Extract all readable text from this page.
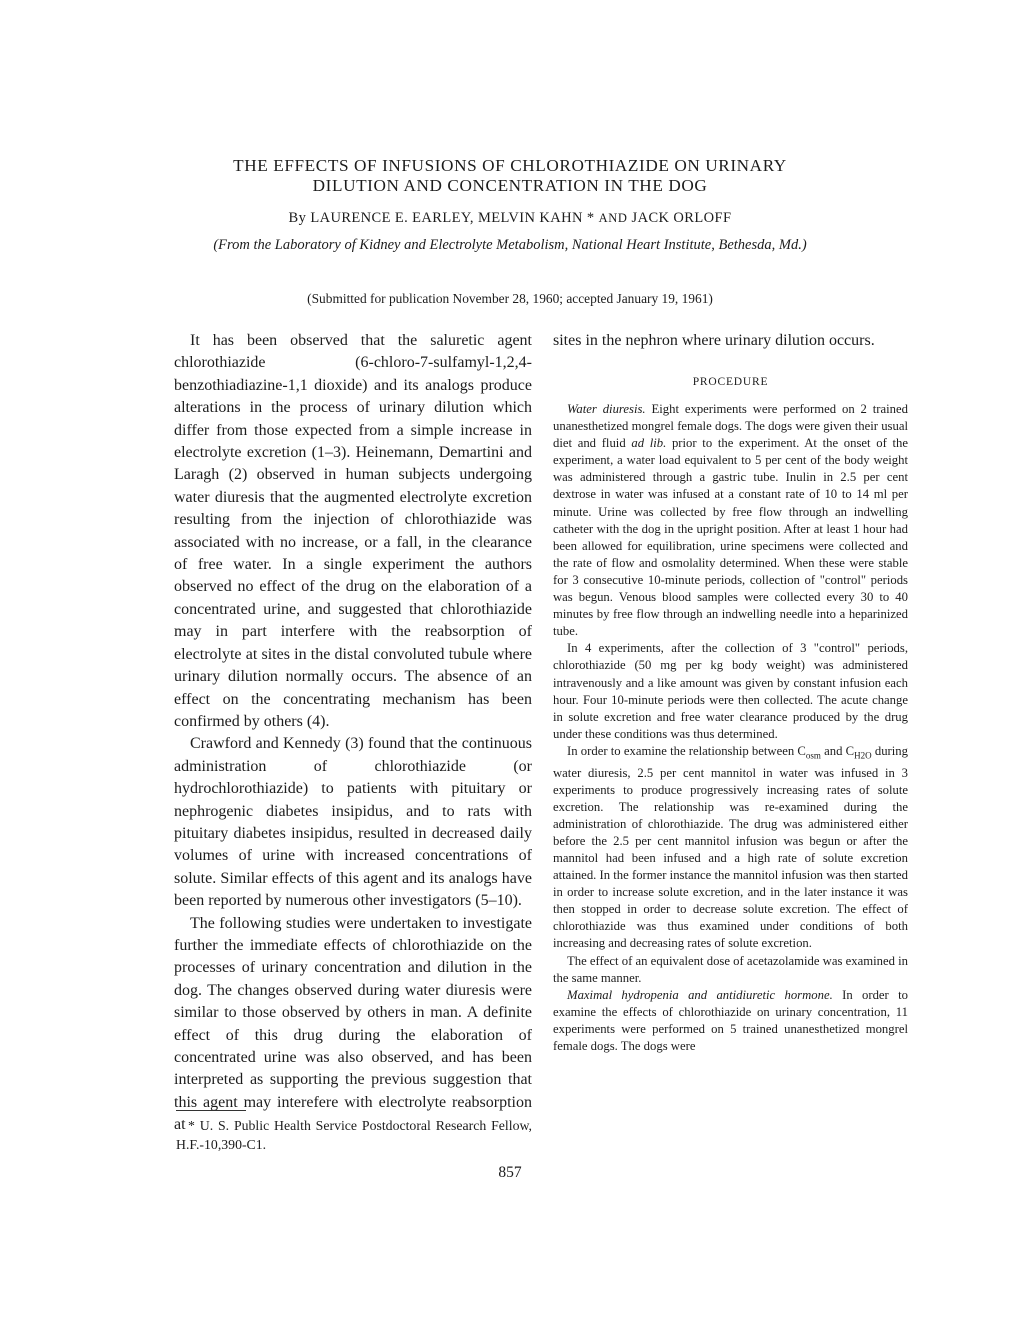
THE EFFECTS OF INFUSIONS OF CHLOROTHIAZIDE ON URINARY
DILUTION AND CONCENTRATION IN THE DOG
By LAURENCE E. EARLEY, MELVIN KAHN * AND JACK ORLOFF
(From the Laboratory of Kidney and Electrolyte Metabolism, National Heart Institute, Bethesda, Md.)
(Submitted for publication November 28, 1960; accepted January 19, 1961)

It has been observed that the saluretic agent chlorothiazide (6-chloro-7-sulfamyl-1,2,4-benzothiadiazine-1,1 dioxide) and its analogs produce alterations in the process of urinary dilution which differ from those expected from a simple increase in electrolyte excretion (1–3). Heinemann, Demartini and Laragh (2) observed in human subjects undergoing water diuresis that the augmented electrolyte excretion resulting from the injection of chlorothiazide was associated with no increase, or a fall, in the clearance of free water. In a single experiment the authors observed no effect of the drug on the elaboration of a concentrated urine, and suggested that chlorothiazide may in part interfere with the reabsorption of electrolyte at sites in the distal convoluted tubule where urinary dilution normally occurs. The absence of an effect on the concentrating mechanism has been confirmed by others (4).

Crawford and Kennedy (3) found that the continuous administration of chlorothiazide (or hydrochlorothiazide) to patients with pituitary or nephrogenic diabetes insipidus, and to rats with pituitary diabetes insipidus, resulted in decreased daily volumes of urine with increased concentrations of solute. Similar effects of this agent and its analogs have been reported by numerous other investigators (5–10).

The following studies were undertaken to investigate further the immediate effects of chlorothiazide on the processes of urinary concentration and dilution in the dog. The changes observed during water diuresis were similar to those observed by others in man. A definite effect of this drug during the elaboration of concentrated urine was also observed, and has been interpreted as supporting the previous suggestion that this agent may interefere with electrolyte reabsorption at * U. S. Public Health Service Postdoctoral Research Fellow, H.F.-10,390-C1.
sites in the nephron where urinary dilution occurs.
PROCEDURE

Water diuresis. Eight experiments were performed on 2 trained unanesthetized mongrel female dogs. The dogs were given their usual diet and fluid ad lib. prior to the experiment. At the onset of the experiment, a water load equivalent to 5 per cent of the body weight was administered through a gastric tube. Inulin in 2.5 per cent dextrose in water was infused at a constant rate of 10 to 14 ml per minute. Urine was collected by free flow through an indwelling catheter with the dog in the upright position. After at least 1 hour had been allowed for equilibration, urine specimens were collected and the rate of flow and osmolality determined. When these were stable for 3 consecutive 10-minute periods, collection of "control" periods was begun. Venous blood samples were collected every 30 to 40 minutes by free flow through an indwelling needle into a heparinized tube.

In 4 experiments, after the collection of 3 "control" periods, chlorothiazide (50 mg per kg body weight) was administered intravenously and a like amount was given by constant infusion each hour. Four 10-minute periods were then collected. The acute change in solute excretion and free water clearance produced by the drug under these conditions was thus determined.

In order to examine the relationship between $C_{osm}$ and $C_{H2O}$ during water diuresis, 2.5 per cent mannitol in water was infused in 3 experiments to produce progressively increasing rates of solute excretion. The relationship was re-examined during the administration of chlorothiazide. The drug was administered either before the 2.5 per cent mannitol infusion was begun or after the mannitol had been infused and a high rate of solute excretion attained. In the former instance the mannitol infusion was then started in order to increase solute excretion, and in the later instance it was then stopped in order to decrease solute excretion. The effect of chlorothiazide was thus examined under conditions of both increasing and decreasing rates of solute excretion.

The effect of an equivalent dose of acetazolamide was examined in the same manner.

Maximal hydropenia and antidiuretic hormone. In order to examine the effects of chlorothiazide on urinary concentration, 11 experiments were performed on 5 trained unanesthetized mongrel female dogs. The dogs were

857
